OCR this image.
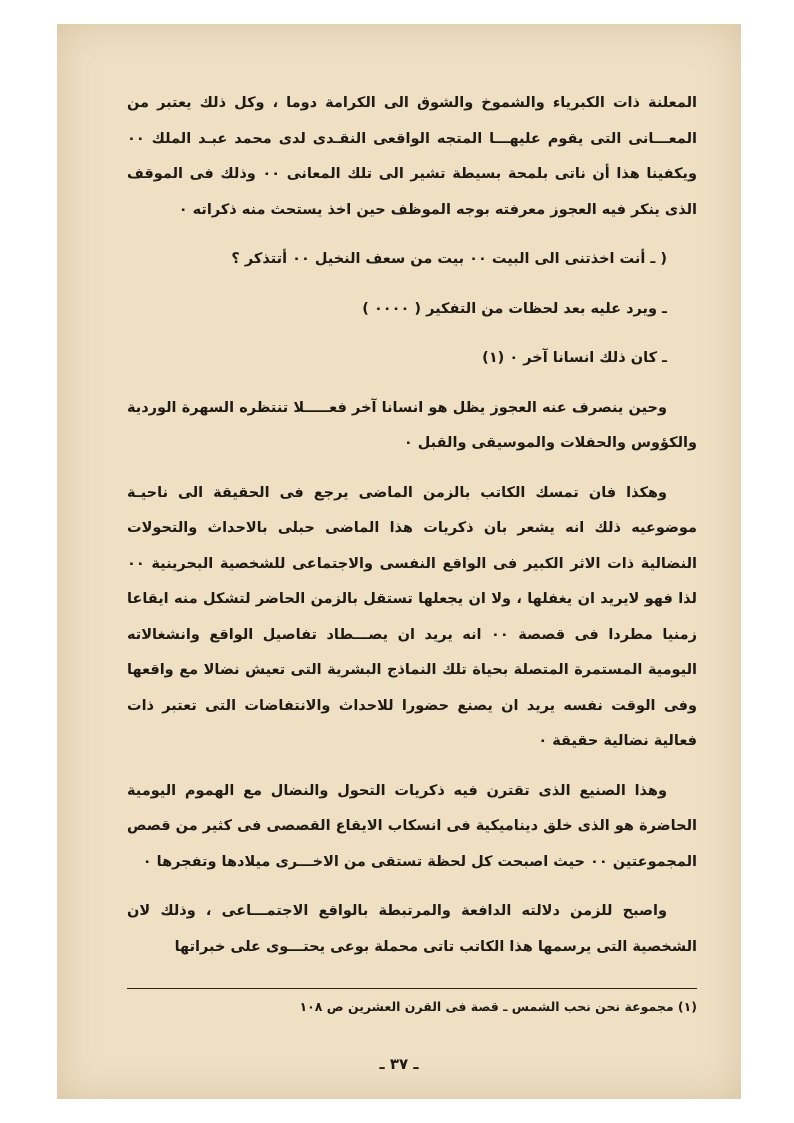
المعلنة ذات الكبرياء والشموخ والشوق الى الكرامة دوما ، وكل ذلك يعتبر من المعـــانى التى يقوم عليهـــا المتجه الواقعى النقـدى لدى محمد عبـد الملك ٠٠ ويكفينا هذا أن ناتى بلمحة بسيطة تشير الى تلك المعانى ٠٠ وذلك فى الموقف الذى ينكر فيه العجوز معرفته بوجه الموظف حين اخذ يستحث منه ذكراته ٠

( ـ أنت اخذتنى الى البيت ٠٠ بيت من سعف النخيل ٠٠ أتتذكر ؟

ـ ويرد عليه بعد لحظات من التفكير ( ٠٠٠٠ )

ـ كان ذلك انسانا آخر ٠ (١)

وحين ينصرف عنه العجوز يظل هو انسانا آخر فعـــــلا تنتظره السهرة الوردية والكؤوس والحفلات والموسيقى والقبل ٠

وهكذا فان تمسك الكاتب بالزمن الماضى يرجع فى الحقيقة الى ناحيـة موضوعيه ذلك انه يشعر بان ذكريات هذا الماضى حبلى بالاحداث والتحولات النضالية ذات الاثر الكبير فى الواقع النفسى والاجتماعى للشخصية البحرينية ٠٠ لذا فهو لايريد ان يغفلها ، ولا ان يجعلها تستقل بالزمن الحاضر لتشكل منه ايقاعا زمنيا مطردا فى قصصة ٠٠ انه يريد ان يصـــطاد تفاصيل الواقع وانشغالاته اليومية المستمرة المتصلة بحياة تلك النماذج البشرية التى تعيش نضالا مع واقعها وفى الوقت نفسه يريد ان يصنع حضورا للاحداث والانتفاضات التى تعتبر ذات فعالية نضالية حقيقة ٠

وهذا الصنيع الذى تقترن فيه ذكريات التحول والنضال مع الهموم اليومية الحاضرة هو الذى خلق ديناميكية فى انسكاب الايقاع القصصى فى كثير من قصص المجموعتين ٠٠ حيث اصبحت كل لحظة تستقى من الاخـــرى ميلادها وتفجرها ٠

واصبح للزمن دلالته الدافعة والمرتبطة بالواقع الاجتمـــاعى ، وذلك لان الشخصية التى يرسمها هذا الكاتب تاتى محملة بوعى يحتـــوى على خبراتها

(١) مجموعة نحن نحب الشمس ـ قصة فى القرن العشرين ص ١٠٨
ـ ٣٧ ـ
